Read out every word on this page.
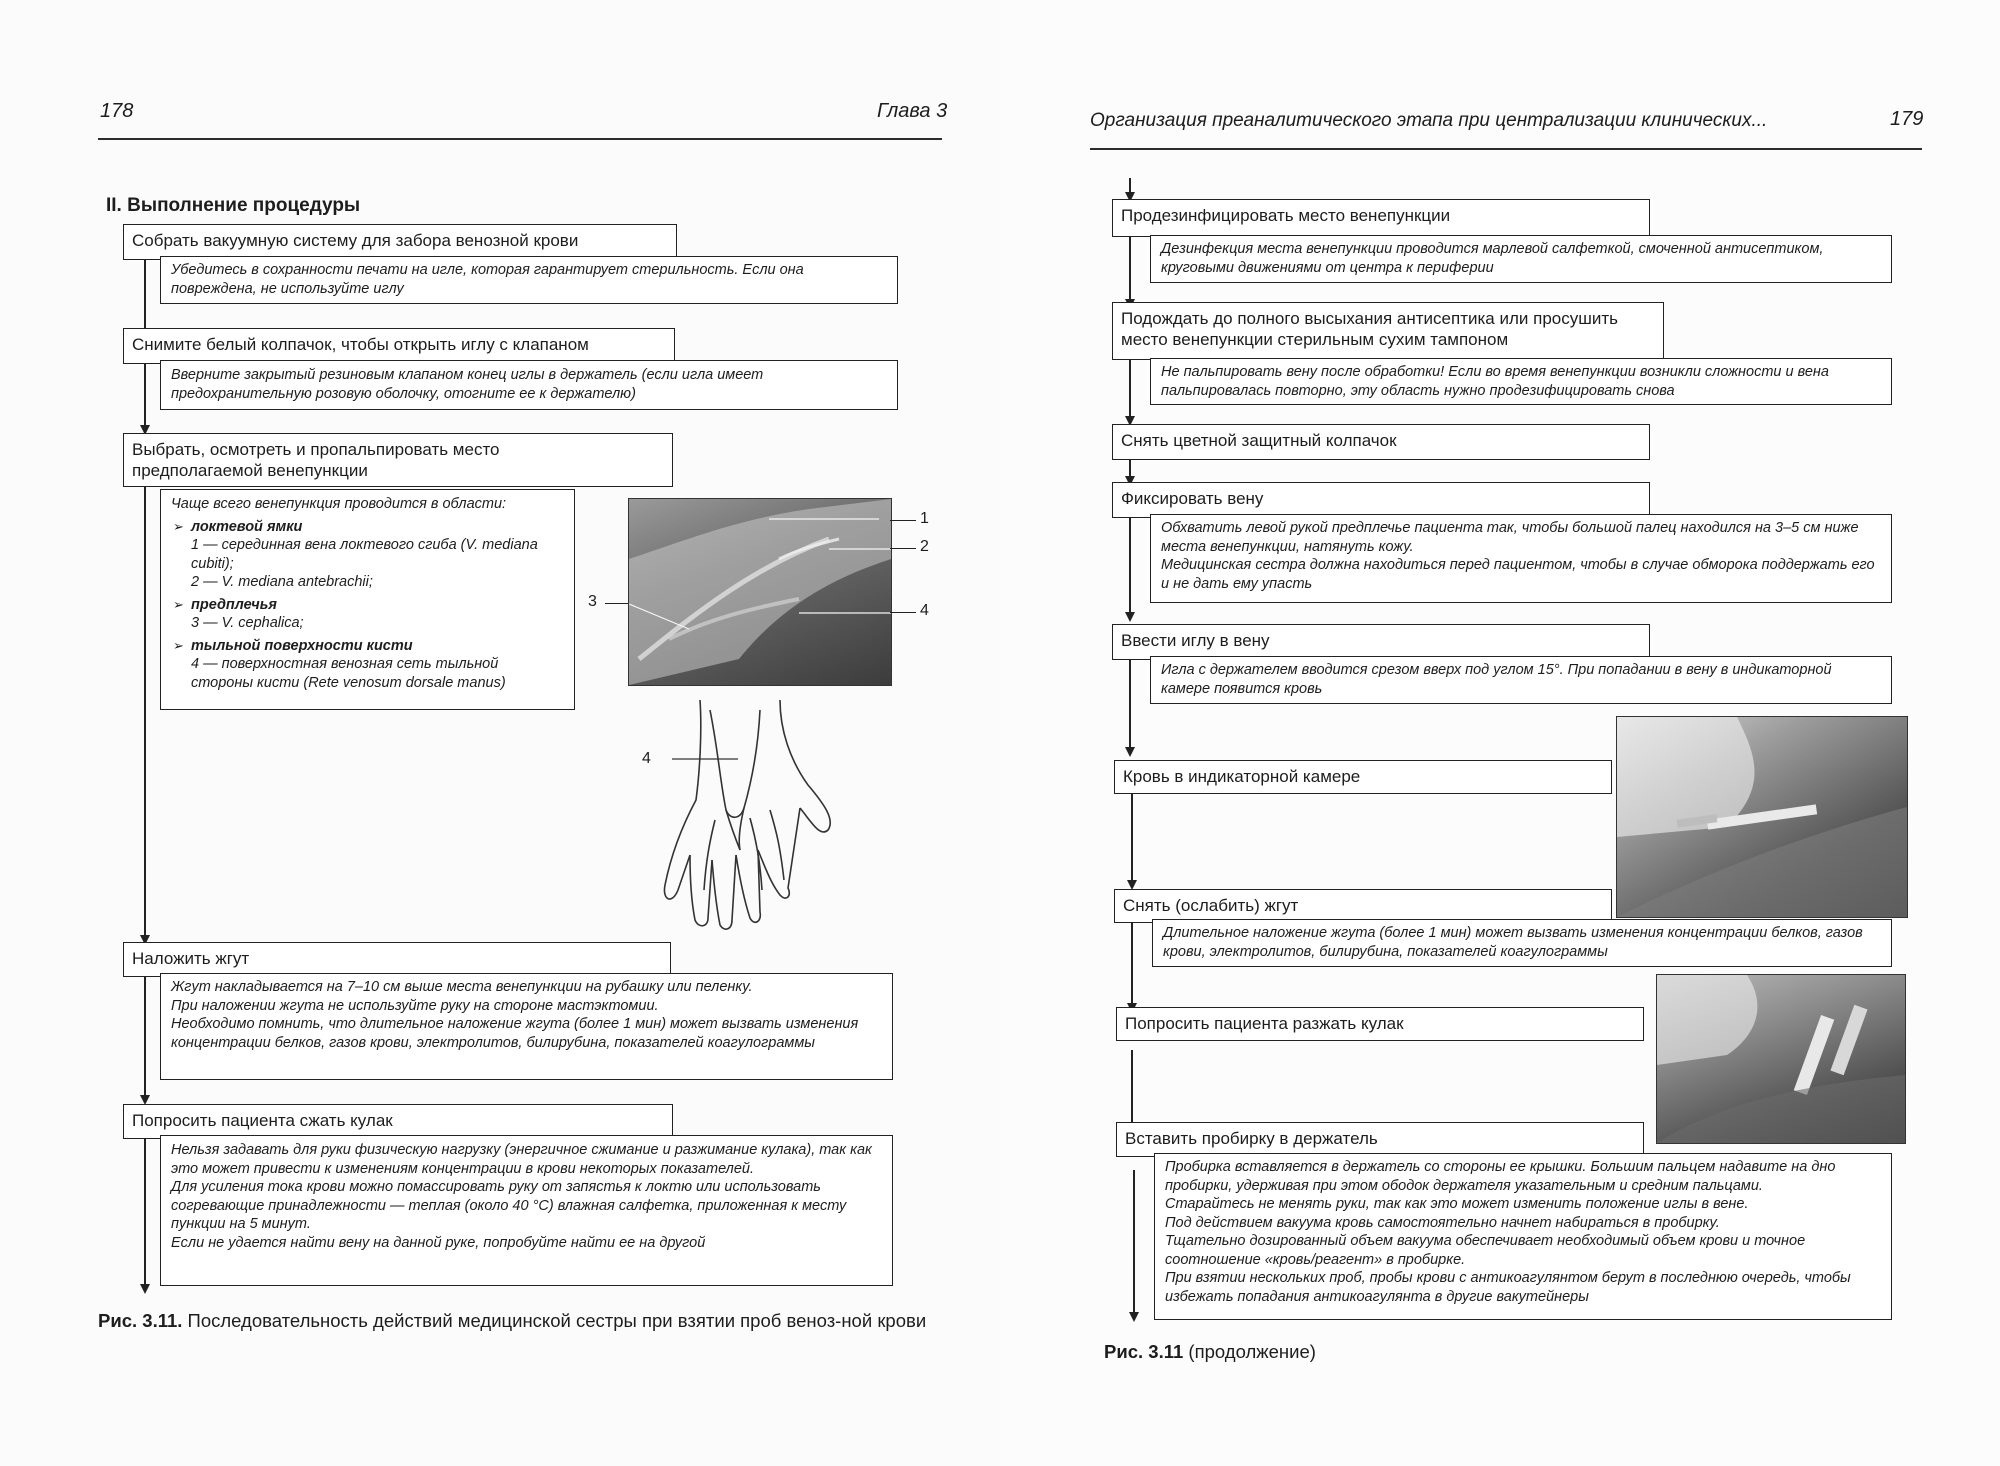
178	Глава 3
II. Выполнение процедуры
Собрать вакуумную систему для забора венозной крови

Убедитесь в сохранности печати на игле, которая гарантирует стерильность. Если она повреждена, не используйте иглу

Снимите белый колпачок, чтобы открыть иглу с клапаном

Вверните закрытый резиновым клапаном конец иглы в держатель (если игла имеет предохранительную розовую оболочку, отогните ее к держателю)

Выбрать, осмотреть и пропальпировать место предполагаемой венепункции

Чаще всего венепункция проводится в области:

➢ локтевой ямки
1 — серединная вена локтевого сгиба (V. mediana cubiti);
2 — V. mediana antebrachii;
➢ предплечья
3 — V. cephalica;
➢ тыльной поверхности кисти
4 — поверхностная венозная сеть тыльной стороны кисти (Rete venosum dorsale manus)
1
2
3
4
4
Наложить жгут

Жгут накладывается на 7–10 см выше места венепункции на рубашку или пеленку.

При наложении жгута не используйте руку на стороне мастэктомии.

Необходимо помнить, что длительное наложение жгута (более 1 мин) может вызвать изменения концентрации белков, газов крови, электролитов, билирубина, показателей коагулограммы

Попросить пациента сжать кулак

Нельзя задавать для руки физическую нагрузку (энергичное сжимание и разжимание кулака), так как это может привести к изменениям концентрации в крови некоторых показателей.

Для усиления тока крови можно помассировать руку от запястья к локтю или использовать согревающие принадлежности — теплая (около 40 °С) влажная салфетка, приложенная к месту пункции на 5 минут.

Если не удается найти вену на данной руке, попробуйте найти ее на другой

Рис. 3.11. Последовательность действий медицинской сестры при взятии проб веноз-ной крови
Организация преаналитического этапа при централизации клинических...	179
Продезинфицировать место венепункции

Дезинфекция места венепункции проводится марлевой салфеткой, смоченной антисептиком, круговыми движениями от центра к периферии

Подождать до полного высыхания антисептика или просушить место венепункции стерильным сухим тампоном

Не пальпировать вену после обработки! Если во время венепункции возникли сложности и вена пальпировалась повторно, эту область нужно продезифицировать снова

Снять цветной защитный колпачок
Фиксировать вену

Обхватить левой рукой предплечье пациента так, чтобы большой палец находился на 3–5 см ниже места венепункции, натянуть кожу.

Медицинская сестра должна находиться перед пациентом, чтобы в случае обморока поддержать его и не дать ему упасть

Ввести иглу в вену

Игла с держателем вводится срезом вверх под углом 15°. При попадании в вену в индикаторной камере появится кровь

Кровь в индикаторной камере
Снять (ослабить) жгут

Длительное наложение жгута (более 1 мин) может вызвать изменения концентрации белков, газов крови, электролитов, билирубина, показателей коагулограммы

Попросить пациента разжать кулак
Вставить пробирку в держатель

Пробирка вставляется в держатель со стороны ее крышки. Большим пальцем надавите на дно пробирки, удерживая при этом ободок держателя указательным и средним пальцами.

Старайтесь не менять руки, так как это может изменить положение иглы в вене.

Под действием вакуума кровь самостоятельно начнет набираться в пробирку.

Тщательно дозированный объем вакуума обеспечивает необходимый объем крови и точное соотношение «кровь/реагент» в пробирке.

При взятии нескольких проб, пробы крови с антикоагулянтом берут в последнюю очередь, чтобы избежать попадания антикоагулянта в другие вакутейнеры

Рис. 3.11 (продолжение)
